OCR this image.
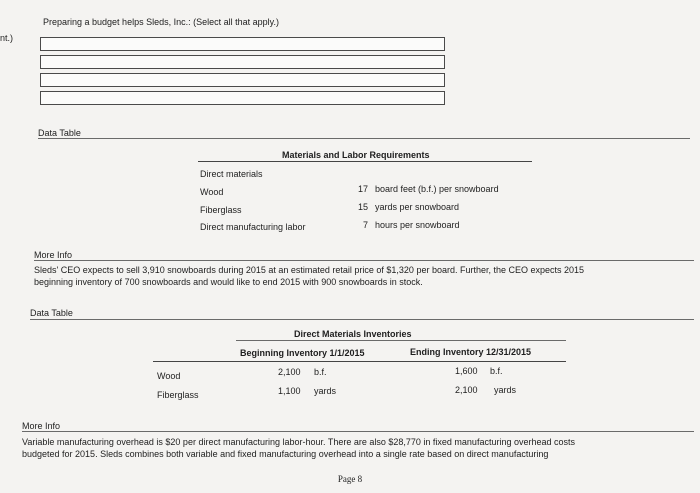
nt.)
Preparing a budget helps Sleds, Inc.: (Select all that apply.)
Data Table
Materials and Labor Requirements
Direct materials
Wood	17 board feet (b.f.) per snowboard
Fiberglass	15 yards per snowboard
Direct manufacturing labor	7 hours per snowboard
More Info
Sleds' CEO expects to sell 3,910 snowboards during 2015 at an estimated retail price of $1,320 per board. Further, the CEO expects 2015
beginning inventory of 700 snowboards and would like to end 2015 with 900 snowboards in stock.
Data Table
Direct Materials Inventories
Beginning Inventory 1/1/2015	Ending Inventory 12/31/2015
Wood	2,100 b.f.	1,600 b.f.
Fiberglass	1,100 yards	2,100 yards
More Info
Variable manufacturing overhead is $20 per direct manufacturing labor-hour. There are also $28,770 in fixed manufacturing overhead costs
budgeted for 2015. Sleds combines both variable and fixed manufacturing overhead into a single rate based on direct manufacturing
Page 8
